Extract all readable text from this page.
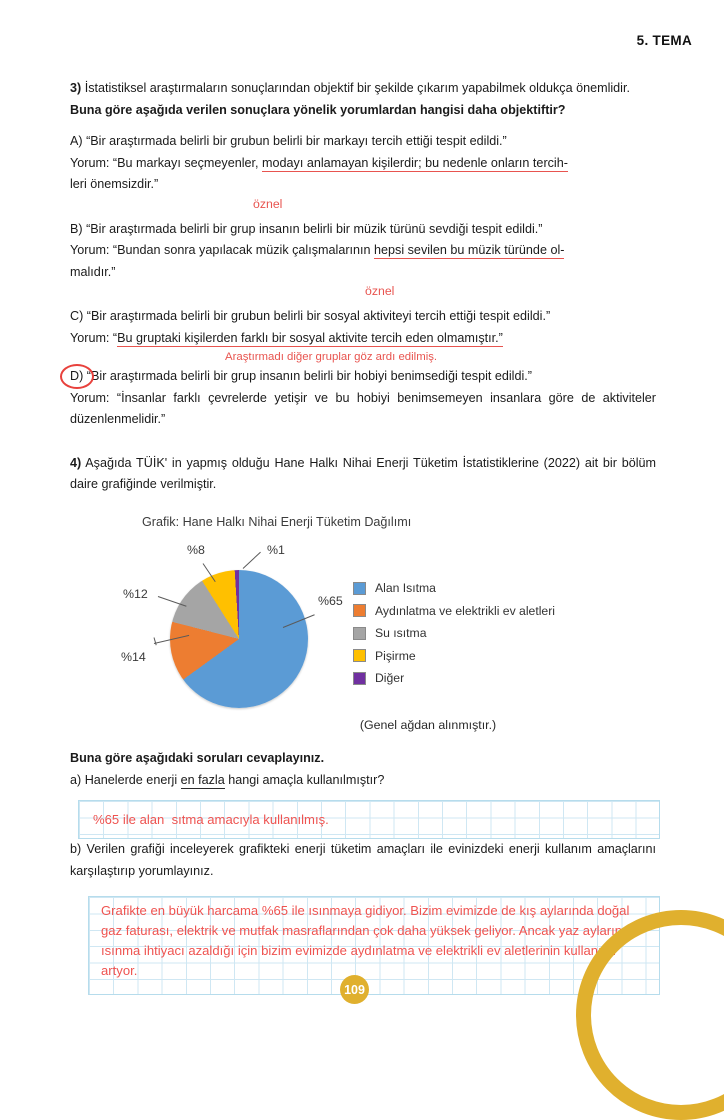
5. TEMA

3) İstatistiksel araştırmaların sonuçlarından objektif bir şekilde çıkarım yapabilmek oldukça önemlidir.

Buna göre aşağıda verilen sonuçlara yönelik yorumlardan hangisi daha objektiftir?

A) “Bir araştırmada belirli bir grubun belirli bir markayı tercih ettiği tespit edildi.”

Yorum: “Bu markayı seçmeyenler, modayı anlamayan kişilerdir; bu nedenle onların tercih-

leri önemsizdir.”

öznel

B) “Bir araştırmada belirli bir grup insanın belirli bir müzik türünü sevdiği tespit edildi.”

Yorum: “Bundan sonra yapılacak müzik çalışmalarının hepsi sevilen bu müzik türünde ol-

malıdır.”

öznel

C) “Bir araştırmada belirli bir grubun belirli bir sosyal aktiviteyi tercih ettiği tespit edildi.”

Yorum: “Bu gruptaki kişilerden farklı bir sosyal aktivite tercih eden olmamıştır.”

Araştırmadı diğer gruplar göz ardı edilmiş.

D) “Bir araştırmada belirli bir grup insanın belirli bir hobiyi benimsediği tespit edildi.”

Yorum: “İnsanlar farklı çevrelerde yetişir ve bu hobiyi benimsemeyen insanlara göre de aktiviteler düzenlenmelidir.”

4) Aşağıda TÜİK' in yapmış olduğu Hane Halkı Nihai Enerji Tüketim İstatistiklerine (2022) ait bir bölüm daire grafiğinde verilmiştir.

Grafik: Hane Halkı Nihai Enerji Tüketim Dağılımı
%1
%8
%12
%14
%65
Alan Isıtma
Aydınlatma ve elektrikli ev aletleri
Su ısıtma
Pişirme
Diğer
(Genel ağdan alınmıştır.)

Buna göre aşağıdaki soruları cevaplayınız.

a) Hanelerde enerji en fazla hangi amaçla kullanılmıştır?

b) Verilen grafiği inceleyerek grafikteki enerji tüketim amaçları ile evinizdeki enerji kullanım amaçlarını karşılaştırıp yorumlayınız.

%65 ile alan  sıtma amacıyla kullanılmış.
Grafikte en büyük harcama %65 ile ısınmaya gidiyor. Bizim evimizde de kış aylarında doğal gaz faturası, elektrik ve mutfak masraflarından çok daha yüksek geliyor. Ancak yaz aylarında ısınma ihtiyacı azaldığı için bizim evimizde aydınlatma ve elektrikli ev aletlerinin kullanımı artyor.
109
